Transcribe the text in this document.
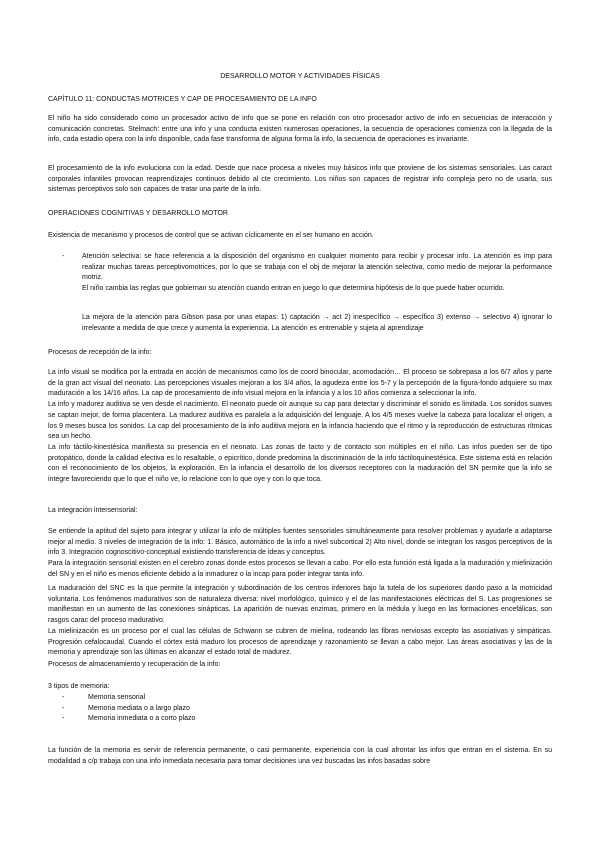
DESARROLLO MOTOR Y ACTIVIDADES FÍSICAS
CAPÍTULO 11: CONDUCTAS MOTRICES Y CAP DE PROCESAMIENTO DE LA INFO
El niño ha sido considerado como un procesador activo de info que se pone en relación con otro procesador activo de info en secuencias de interacción y comunicación concretas. Stelmach: entre una info y una conducta existen numerosas operaciones, la secuencia de operaciones comienza con la llegada de la info, cada estadio opera con la info disponible, cada fase transforma de alguna forma la info, la secuencia de operaciones es invariante.
El procesamiento de la info evoluciona con la edad. Desde que nace procesa a niveles muy básicos info que proviene de los sistemas sensoriales. Las caract corporales infantiles provocan reaprendizajes continuos debido al cte crecimiento. Los niños son capaces de registrar info compleja pero no de usarla, sus sistemas perceptivos solo son capaces de tratar una parte de la info.
OPERACIONES COGNITIVAS Y DESARROLLO MOTOR
Existencia de mecanismo y procesos de control que se activan cíclicamente en el ser humano en acción.
-	Atención selectiva: se hace referencia a la disposición del organismo en cualquier momento para recibir y procesar info. La atención es imp para realizar muchas tareas perceptivomotrices, por lo que se trabaja con el obj de mejorar la atención selectiva, como medio de mejorar la performance motriz.

El niño cambia las reglas que gobiernan su atención cuando entran en juego lo que determina hipótesis de lo que puede haber ocurrido.

La mejora de la atención para Gibson pasa por unas etapas: 1) captación → act 2) inespecífico → específico 3) extenso → selectivo 4) ignorar lo irrelevante a medida de que crece y aumenta la experiencia. La atención es entrenable y sujeta al aprendizaje
Procesos de recepción de la info:

La info visual se modifica por la entrada en acción de mecanismos como los de coord binocular, acomodación… El proceso se sobrepasa a los 6/7 años y parte de la gran act visual del neonato. Las percepciones visuales mejoran a los 3/4 años, la agudeza entre los 5-7 y la percepción de la figura-fondo adquiere su max maduración a los 14/16 años. La cap de procesamiento de info visual mejora en la infancia y a los 10 años comienza a seleccionar la info.

La info y madurez auditiva se ven desde el nacimiento. El neonato puede oír aunque su cap para detectar y discriminar el sonido es limitada. Los sonidos suaves se captan mejor, de forma placentera. La madurez auditiva es paralela a la adquisición del lenguaje. A los 4/5 meses vuelve la cabeza para localizar el origen, a los 9 meses busca los sonidos. La cap del procesamiento de la info auditiva mejora en la infancia haciendo que el ritmo y la reproducción de estructuras rítmicas sea un hecho.

La info táctilo-kinestésica manifiesta su presencia en el neonato. Las zonas de tacto y de contacto son múltiples en el niño. Las infos pueden ser de tipo protopático, donde la calidad efectiva es lo resaltable, o epicrítico, donde predomina la discriminación de la info táctiloquinestésica. Este sistema está en relación con el reconocimiento de los objetos, la exploración. En la infancia el desarrollo de los diversos receptores con la maduración del SN permite que la info se integre favoreciendo que lo que el niño ve, lo relacione con lo que oye y con lo que toca.

La integración intersensorial:

Se entiende la aptitud del sujeto para integrar y utilizar la info de múltiples fuentes sensoriales simultáneamente para resolver problemas y ayudarle a adaptarse mejor al medio. 3 niveles de integración de la info: 1. Básico, automático de la info a nivel subcortical 2) Alto nivel, donde se integran los rasgos perceptivos de la info 3. Integración cognoscitivo-conceptual existiendo transferencia de ideas y conceptos.

Para la integración sensorial existen en el cerebro zonas donde estos procesos se llevan a cabo. Por ello esta función está ligada a la maduración y mielinización del SN y en el niño es menos eficiente debido a la inmadurez o la incap para poder integrar tanta info.

La maduración del SNC es la que permite la integración y subordinación de los centros inferiores bajo la tutela de los superiores dando paso a la motricidad voluntaria. Los fenómenos madurativos son de naturaleza diversa: nivel morfológico, químico y el de las manifestaciones eléctricas del S. Las progresiones se manifiestan en un aumento de las conexiones sinápticas. La aparición de nuevas enzimas, primero en la médula y luego en las formaciones encefálicas, son rasgos carac del proceso madurativo.

La mielinización es un proceso por el cual las células de Schwann se cubren de mielina, rodeando las fibras nerviosas excepto las asociativas y simpáticas. Progresión cefalocaudal. Cuando el córtex está maduro los procesos de aprendizaje y razonamiento se llevan a cabo mejor. Las áreas asociativas y las de la memoria y aprendizaje son las últimas en alcanzar el estado total de madurez.

Procesos de almacenamiento y recuperación de la info:
3 tipos de memoria:
-	Memoria sensorial
-	Memoria mediata o a largo plazo
-	Memoria inmediata o a corto plazo
La función de la memoria es servir de referencia permanente, o casi permanente, experiencia con la cual afrontar las infos que entran en el sistema. En su modalidad a c/p trabaja con una info inmediata necesaria para tomar decisiones una vez buscadas las infos basadas sobre
